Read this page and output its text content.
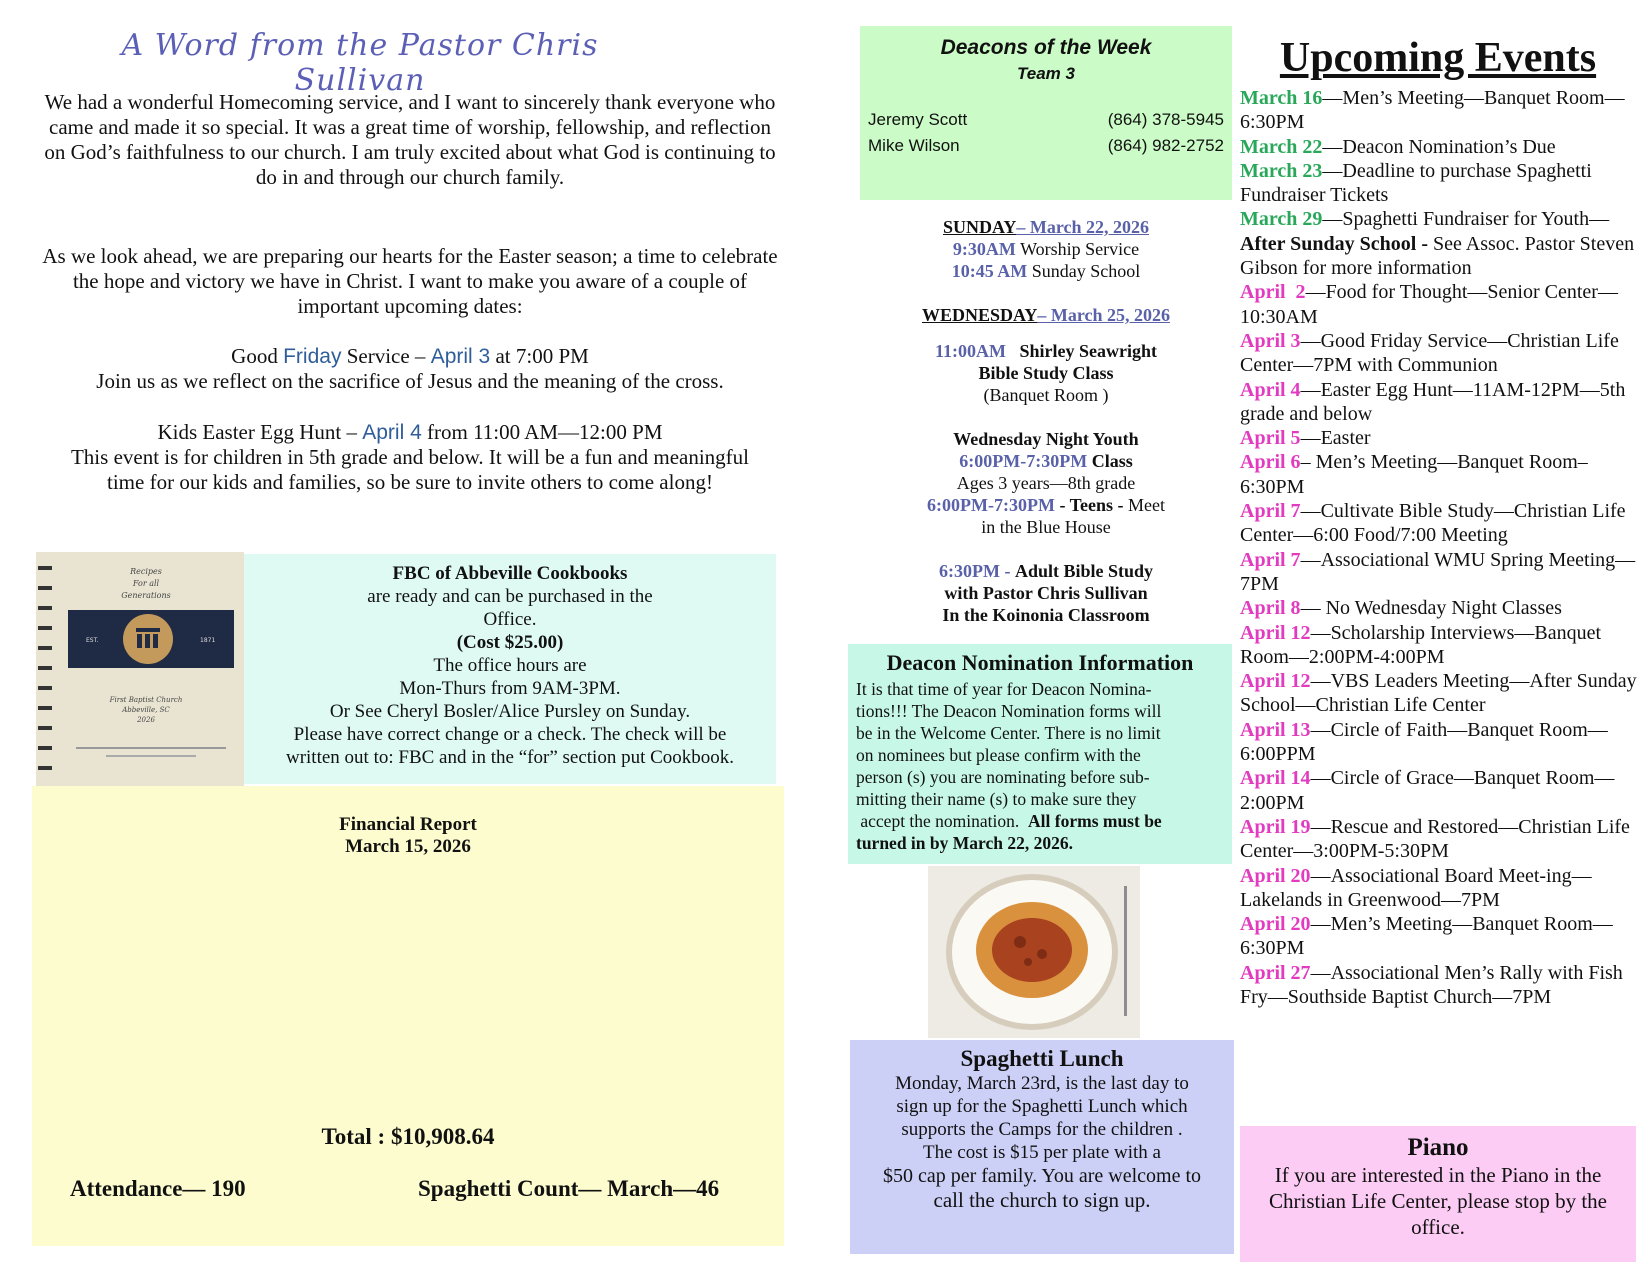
A Word from the Pastor Chris Sullivan
We had a wonderful Homecoming service, and I want to sincerely thank everyone who came and made it so special. It was a great time of worship, fellowship, and reflection on God’s faithfulness to our church. I am truly excited about what God is continuing to do in and through our church family.
As we look ahead, we are preparing our hearts for the Easter season; a time to celebrate the hope and victory we have in Christ. I want to make you aware of a couple of important upcoming dates:
Good Friday Service – April 3 at 7:00 PM
Join us as we reflect on the sacrifice of Jesus and the meaning of the cross.
Kids Easter Egg Hunt – April 4 from 11:00 AM—12:00 PM
This event is for children in 5th grade and below. It will be a fun and meaningful time for our kids and families, so be sure to invite others to come along!
Recipes
For all
Generations
EST.	1871
First Baptist Church
Abbeville, SC
2026
FBC of Abbeville Cookbooks
are ready and can be purchased in the
Office.
(Cost $25.00)
The office hours are
Mon-Thurs from 9AM-3PM.
Or See Cheryl Bosler/Alice Pursley on Sunday.
Please have correct change or a check. The check will be
written out to: FBC and in the “for” section put Cookbook.
Financial Report
March 15, 2026
Total : $10,908.64
Attendance— 190	Spaghetti Count— March—46
Deacons of the Week
Team 3
Jeremy Scott	(864) 378-5945
Mike Wilson	(864) 982-2752
SUNDAY– March 22, 2026
9:30AM Worship Service
10:45 AM Sunday School
WEDNESDAY– March 25, 2026
11:00AM Shirley Seawright
Bible Study Class
(Banquet Room )
Wednesday Night Youth
6:00PM-7:30PM Class
Ages 3 years—8th grade
6:00PM-7:30PM - Teens - Meet
in the Blue House
6:30PM - Adult Bible Study
with Pastor Chris Sullivan
In the Koinonia Classroom
Deacon Nomination Information
It is that time of year for Deacon Nomina-
tions!!! The Deacon Nomination forms will
be in the Welcome Center. There is no limit
on nominees but please confirm with the
person (s) you are nominating before sub-
mitting their name (s) to make sure they
accept the nomination. All forms must be
turned in by March 22, 2026.
Spaghetti Lunch
Monday, March 23rd, is the last day to
sign up for the Spaghetti Lunch which
supports the Camps for the children .
The cost is $15 per plate with a
$50 cap per family. You are welcome to
call the church to sign up.
Upcoming Events

March 16—Men’s Meeting—Banquet Room—6:30PM

March 22—Deacon Nomination’s Due

March 23—Deadline to purchase Spaghetti Fundraiser Tickets

March 29—Spaghetti Fundraiser for Youth—After Sunday School - See Assoc. Pastor Steven Gibson for more information

April  2—Food for Thought—Senior Center—10:30AM

April 3—Good Friday Service—Christian Life Center—7PM with Communion

April 4—Easter Egg Hunt—11AM-12PM—5th grade and below

April 5—Easter

April 6– Men’s Meeting—Banquet Room– 6:30PM

April 7—Cultivate Bible Study—Christian Life Center—6:00 Food/7:00 Meeting

April 7—Associational WMU Spring Meeting—7PM

April 8— No Wednesday Night Classes

April 12—Scholarship Interviews—Banquet Room—2:00PM-4:00PM

April 12—VBS Leaders Meeting—After Sunday School—Christian Life Center

April 13—Circle of Faith—Banquet Room—6:00PPM

April 14—Circle of Grace—Banquet Room—2:00PM

April 19—Rescue and Restored—Christian Life Center—3:00PM-5:30PM

April 20—Associational Board Meet-ing—Lakelands in Greenwood—7PM

April 20—Men’s Meeting—Banquet Room—6:30PM

April 27—Associational Men’s Rally with Fish Fry—Southside Baptist Church—7PM

Piano
If you are interested in the Piano in the Christian Life Center, please stop by the office.
